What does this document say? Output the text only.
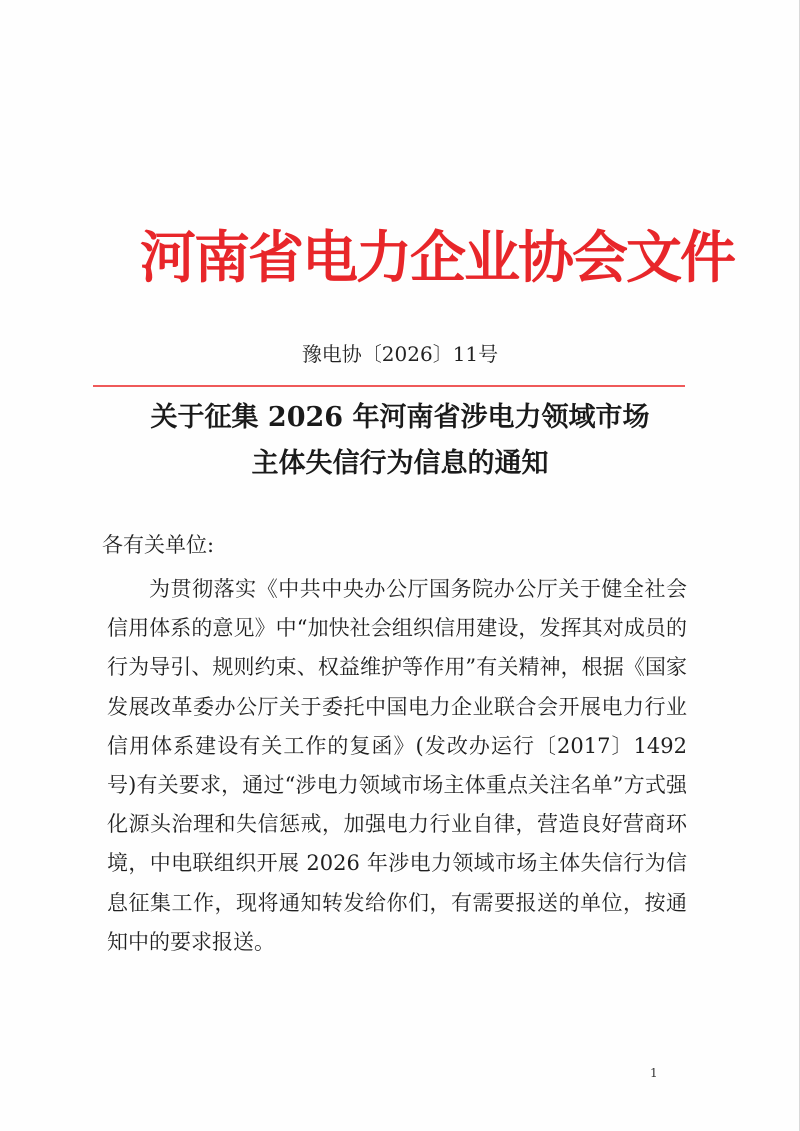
河南省电力企业协会文件
豫电协〔2026〕11号
关于征集 2026 年河南省涉电力领域市场
主体失信行为信息的通知
各有关单位:
为贯彻落实《中共中央办公厅国务院办公厅关于健全社会信用体系的意见》中“加快社会组织信用建设，发挥其对成员的行为导引、规则约束、权益维护等作用”有关精神，根据《国家发展改革委办公厅关于委托中国电力企业联合会开展电力行业信用体系建设有关工作的复函》(发改办运行〔2017〕1492号)有关要求，通过“涉电力领域市场主体重点关注名单”方式强化源头治理和失信惩戒，加强电力行业自律，营造良好营商环境，中电联组织开展 2026 年涉电力领域市场主体失信行为信息征集工作，现将通知转发给你们，有需要报送的单位，按通知中的要求报送。
1
